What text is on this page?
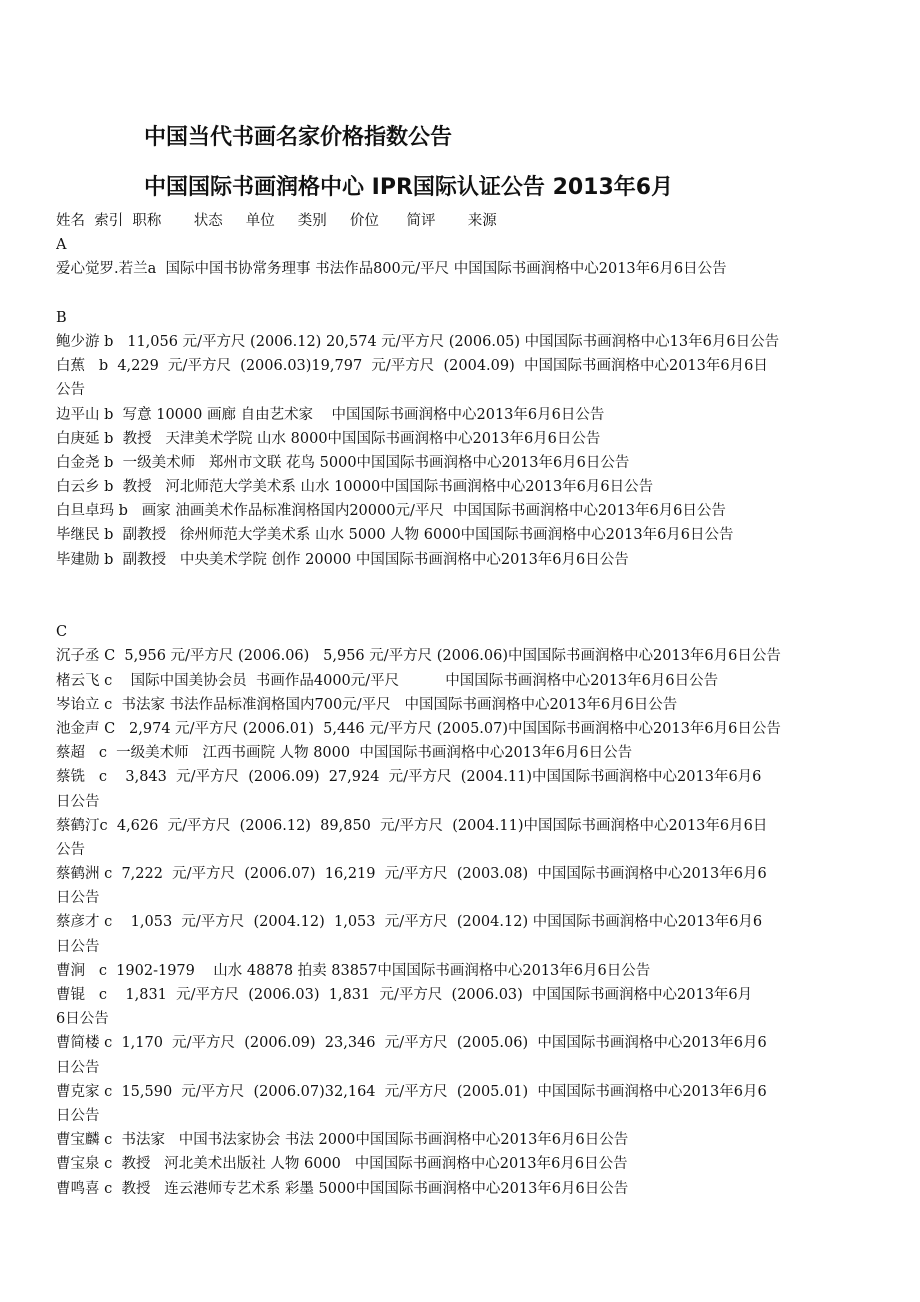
中国当代书画名家价格指数公告
中国国际书画润格中心 IPR国际认证公告 2013年6月
姓名  索引  职称       状态     单位     类别     价位      简评       来源
A
爱心觉罗.若兰a  国际中国书协常务理事 书法作品800元/平尺 中国国际书画润格中心2013年6月6日公告
B
鲍少游 b   11,056 元/平方尺 (2006.12) 20,574 元/平方尺 (2006.05) 中国国际书画润格中心13年6月6日公告
白蕉   b  4,229  元/平方尺  (2006.03)19,797  元/平方尺  (2004.09)  中国国际书画润格中心2013年6月6日
公告
边平山 b  写意 10000 画廊 自由艺术家    中国国际书画润格中心2013年6月6日公告
白庚延 b  教授   天津美术学院 山水 8000中国国际书画润格中心2013年6月6日公告
白金尧 b  一级美术师   郑州市文联 花鸟 5000中国国际书画润格中心2013年6月6日公告
白云乡 b  教授   河北师范大学美术系 山水 10000中国国际书画润格中心2013年6月6日公告
白旦卓玛 b   画家 油画美术作品标准润格国内20000元/平尺  中国国际书画润格中心2013年6月6日公告
毕继民 b  副教授   徐州师范大学美术系 山水 5000 人物 6000中国国际书画润格中心2013年6月6日公告
毕建勋 b  副教授   中央美术学院 创作 20000 中国国际书画润格中心2013年6月6日公告
C
沉子丞 C  5,956 元/平方尺 (2006.06)   5,956 元/平方尺 (2006.06)中国国际书画润格中心2013年6月6日公告
楮云飞 c    国际中国美协会员  书画作品4000元/平尺          中国国际书画润格中心2013年6月6日公告
岑诒立 c  书法家 书法作品标准润格国内700元/平尺   中国国际书画润格中心2013年6月6日公告
池金声 C   2,974 元/平方尺 (2006.01)  5,446 元/平方尺 (2005.07)中国国际书画润格中心2013年6月6日公告
蔡超   c  一级美术师   江西书画院 人物 8000  中国国际书画润格中心2013年6月6日公告
蔡铣   c    3,843  元/平方尺  (2006.09)  27,924  元/平方尺  (2004.11)中国国际书画润格中心2013年6月6
日公告
蔡鹤汀c  4,626  元/平方尺  (2006.12)  89,850  元/平方尺  (2004.11)中国国际书画润格中心2013年6月6日
公告
蔡鹤洲 c  7,222  元/平方尺  (2006.07)  16,219  元/平方尺  (2003.08)  中国国际书画润格中心2013年6月6
日公告
蔡彦才 c    1,053  元/平方尺  (2004.12)  1,053  元/平方尺  (2004.12) 中国国际书画润格中心2013年6月6
日公告
曹涧   c  1902-1979    山水 48878 拍卖 83857中国国际书画润格中心2013年6月6日公告
曹锟   c    1,831  元/平方尺  (2006.03)  1,831  元/平方尺  (2006.03)  中国国际书画润格中心2013年6月
6日公告
曹简楼 c  1,170  元/平方尺  (2006.09)  23,346  元/平方尺  (2005.06)  中国国际书画润格中心2013年6月6
日公告
曹克家 c  15,590  元/平方尺  (2006.07)32,164  元/平方尺  (2005.01)  中国国际书画润格中心2013年6月6
日公告
曹宝麟 c  书法家   中国书法家协会 书法 2000中国国际书画润格中心2013年6月6日公告
曹宝泉 c  教授   河北美术出版社 人物 6000   中国国际书画润格中心2013年6月6日公告
曹鸣喜 c  教授   连云港师专艺术系 彩墨 5000中国国际书画润格中心2013年6月6日公告
